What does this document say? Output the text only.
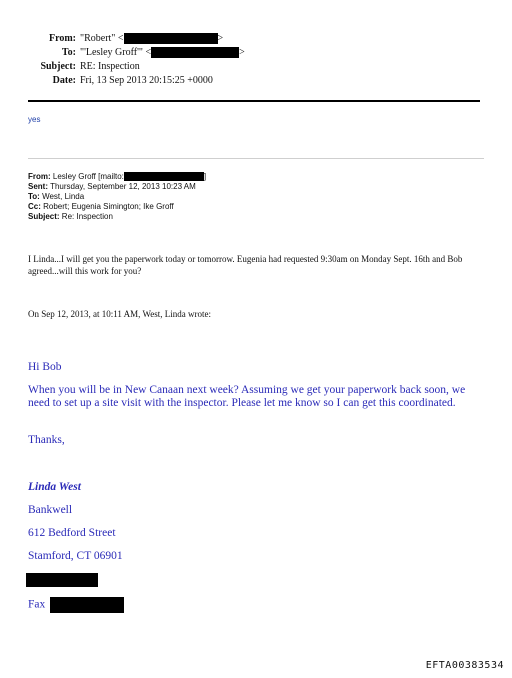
From: "Robert" <	>
To: "'Lesley Groff'" <	>
Subject: RE: Inspection
Date: Fri, 13 Sep 2013 20:15:25 +0000
yes
From: Lesley Groff [mailto:	]
Sent: Thursday, September 12, 2013 10:23 AM
To: West, Linda
Cc: Robert; Eugenia Simington; Ike Groff
Subject: Re: Inspection
I Linda...I will get you the paperwork today or tomorrow. Eugenia had requested 9:30am on Monday Sept. 16th and Bob agreed...will this work for you?
On Sep 12, 2013, at 10:11 AM, West, Linda wrote:
Hi Bob
When you will be in New Canaan next week? Assuming we get your paperwork back soon, we need to set up a site visit with the inspector. Please let me know so I can get this coordinated.
Thanks,
Linda West
Bankwell
612 Bedford Street
Stamford, CT 06901
Fax
EFTA00383534
